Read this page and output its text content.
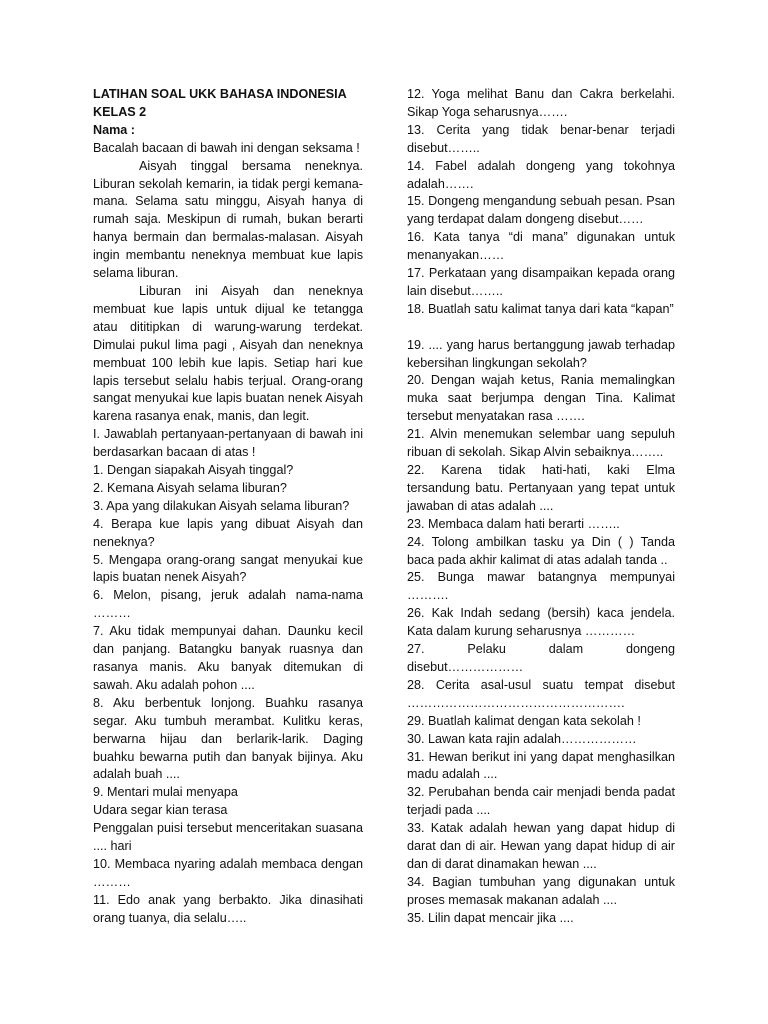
LATIHAN SOAL UKK BAHASA INDONESIA

KELAS 2

Nama :

Bacalah bacaan di bawah ini dengan seksama !

Aisyah tinggal bersama neneknya. Liburan sekolah kemarin, ia tidak pergi kemana-mana. Selama satu minggu, Aisyah hanya di rumah saja. Meskipun di rumah, bukan berarti hanya bermain dan bermalas-malasan. Aisyah ingin membantu neneknya membuat kue lapis selama liburan.

Liburan ini Aisyah dan neneknya membuat kue lapis untuk dijual ke tetangga atau dititipkan di warung-warung terdekat. Dimulai pukul lima pagi , Aisyah dan neneknya membuat 100 lebih kue lapis. Setiap hari kue lapis tersebut selalu habis terjual. Orang-orang sangat menyukai kue lapis buatan nenek Aisyah karena rasanya enak, manis, dan legit.

I. Jawablah pertanyaan-pertanyaan di bawah ini berdasarkan bacaan di atas !

1. Dengan siapakah Aisyah tinggal?

2. Kemana Aisyah selama liburan?

3. Apa yang dilakukan Aisyah selama liburan?

4. Berapa kue lapis yang dibuat Aisyah dan neneknya?

5. Mengapa orang-orang sangat menyukai kue lapis buatan nenek Aisyah?

6. Melon, pisang, jeruk adalah nama-nama ………

7. Aku tidak mempunyai dahan. Daunku kecil dan panjang. Batangku banyak ruasnya dan rasanya manis. Aku banyak ditemukan di sawah. Aku adalah pohon ....

8. Aku berbentuk lonjong. Buahku rasanya segar. Aku tumbuh merambat. Kulitku keras, berwarna hijau dan berlarik-larik. Daging buahku bewarna putih dan banyak bijinya. Aku adalah buah ....

9. Mentari mulai menyapa

Udara segar kian terasa

Penggalan puisi tersebut menceritakan suasana .... hari

10. Membaca nyaring adalah membaca dengan ………

11. Edo anak yang berbakto. Jika dinasihati orang tuanya, dia selalu…..

12. Yoga melihat Banu dan Cakra berkelahi. Sikap Yoga seharusnya…….

13. Cerita yang tidak benar-benar terjadi disebut……..

14. Fabel adalah dongeng yang tokohnya adalah…….

15. Dongeng mengandung sebuah pesan. Psan yang terdapat dalam dongeng disebut……

16. Kata tanya “di mana” digunakan untuk menanyakan……

17. Perkataan yang disampaikan kepada orang lain disebut……..

18. Buatlah satu kalimat tanya dari kata “kapan”

19. .... yang harus bertanggung jawab terhadap kebersihan lingkungan sekolah?

20. Dengan wajah ketus, Rania memalingkan muka saat berjumpa dengan Tina. Kalimat tersebut menyatakan rasa …….

21. Alvin menemukan selembar uang sepuluh ribuan di sekolah. Sikap Alvin sebaiknya……..

22. Karena tidak hati-hati, kaki Elma tersandung batu. Pertanyaan yang tepat untuk jawaban di atas adalah ....

23. Membaca dalam hati berarti ……..

24. Tolong ambilkan tasku ya Din ( ) Tanda baca pada akhir kalimat di atas adalah tanda ..

25. Bunga mawar batangnya mempunyai ……….

26. Kak Indah sedang (bersih) kaca jendela. Kata dalam kurung seharusnya …………

27. Pelaku dalam dongeng disebut………………

28. Cerita asal-usul suatu tempat disebut …………………………………………….

29. Buatlah kalimat dengan kata sekolah !

30. Lawan kata rajin adalah………………

31. Hewan berikut ini yang dapat menghasilkan madu adalah ....

32. Perubahan benda cair menjadi benda padat terjadi pada ....

33. Katak adalah hewan yang dapat hidup di darat dan di air. Hewan yang dapat hidup di air dan di darat dinamakan hewan ....

34. Bagian tumbuhan yang digunakan untuk proses memasak makanan adalah ....

35. Lilin dapat mencair jika ....
